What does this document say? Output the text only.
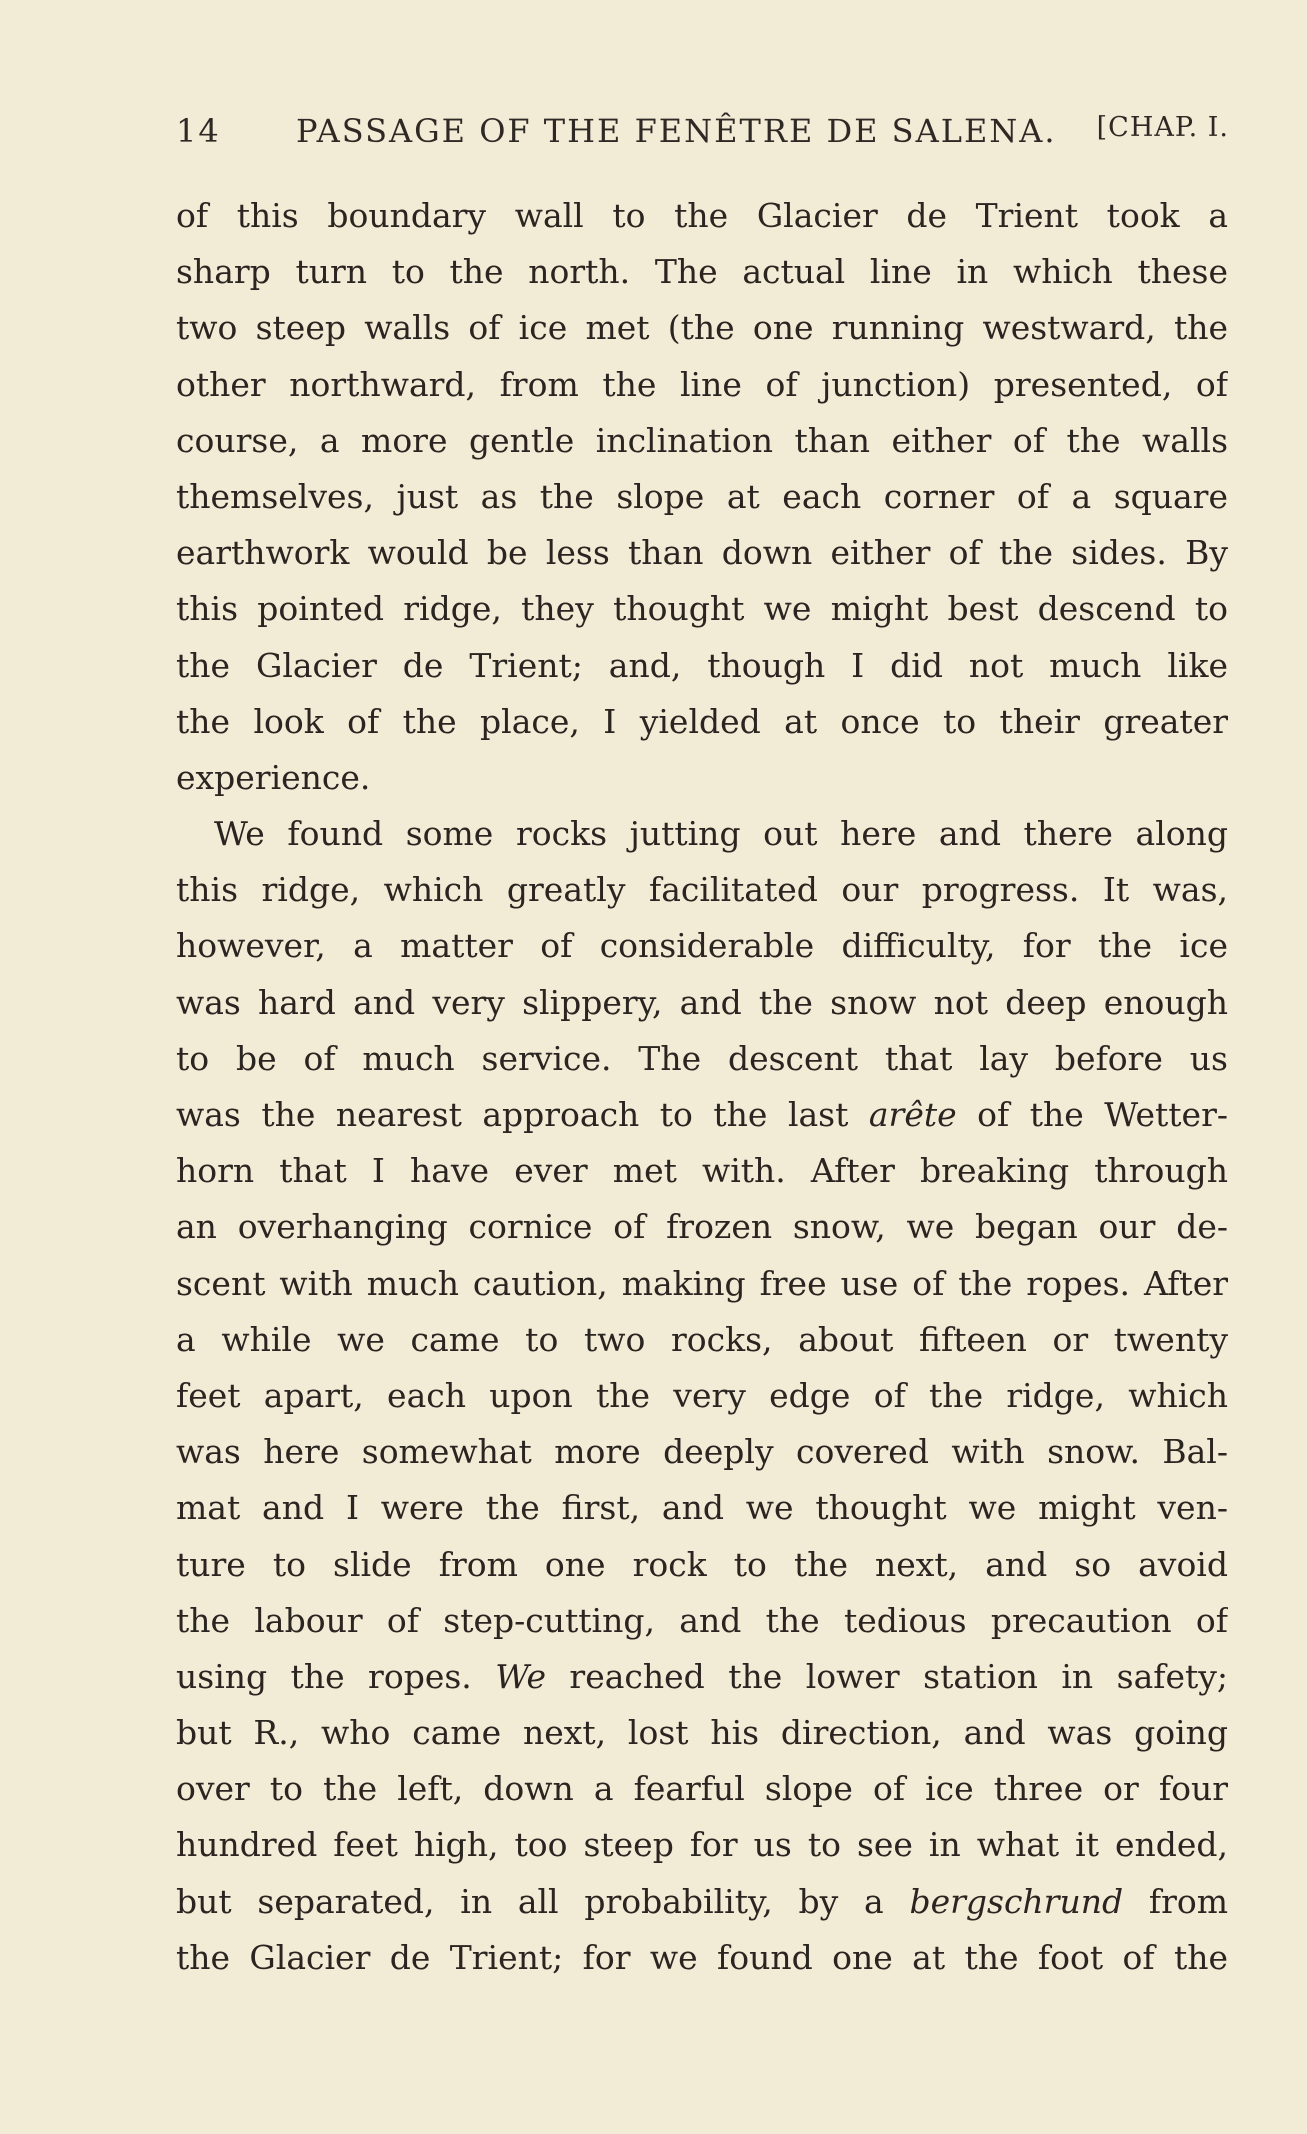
14 PASSAGE OF THE FENÊTRE DE SALENA. [CHAP. I.
of this boundary wall to the Glacier de Trient took a
sharp turn to the north. The actual line in which these
two steep walls of ice met (the one running westward, the
other northward, from the line of junction) presented, of
course, a more gentle inclination than either of the walls
themselves, just as the slope at each corner of a square
earthwork would be less than down either of the sides. By
this pointed ridge, they thought we might best descend to
the Glacier de Trient; and, though I did not much like
the look of the place, I yielded at once to their greater
experience.
We found some rocks jutting out here and there along
this ridge, which greatly facilitated our progress. It was,
however, a matter of considerable difficulty, for the ice
was hard and very slippery, and the snow not deep enough
to be of much service. The descent that lay before us
was the nearest approach to the last arête of the Wetter-
horn that I have ever met with. After breaking through
an overhanging cornice of frozen snow, we began our de-
scent with much caution, making free use of the ropes. After
a while we came to two rocks, about fifteen or twenty
feet apart, each upon the very edge of the ridge, which
was here somewhat more deeply covered with snow. Bal-
mat and I were the first, and we thought we might ven-
ture to slide from one rock to the next, and so avoid
the labour of step-cutting, and the tedious precaution of
using the ropes. We reached the lower station in safety;
but R., who came next, lost his direction, and was going
over to the left, down a fearful slope of ice three or four
hundred feet high, too steep for us to see in what it ended,
but separated, in all probability, by a bergschrund from
the Glacier de Trient; for we found one at the foot of the
